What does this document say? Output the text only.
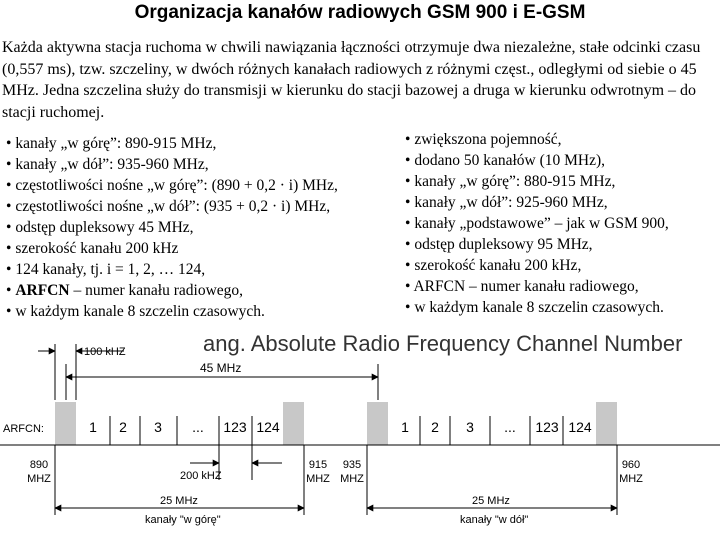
Organizacja kanałów radiowych GSM 900 i E-GSM
Każda aktywna stacja ruchoma w chwili nawiązania łączności otrzymuje dwa niezależne, stałe odcinki czasu (0,557 ms), tzw. szczeliny, w dwóch różnych kanałach radiowych z różnymi częst., odległymi od siebie o 45 MHz. Jedna szczelina służy do transmisji w kierunku do stacji bazowej a druga w kierunku odwrotnym – do stacji ruchomej.
• kanały „w górę”: 890-915 MHz,
• kanały „w dół”: 935-960 MHz,
• częstotliwości nośne „w górę”: (890 + 0,2 · i) MHz,
• częstotliwości nośne „w dół”: (935 + 0,2 · i) MHz,
• odstęp dupleksowy 45 MHz,
• szerokość kanału 200 kHz
• 124 kanały, tj. i = 1, 2, … 124,
• ARFCN – numer kanału radiowego,
• w każdym kanale 8 szczelin czasowych.
• zwiększona pojemność,
• dodano 50 kanałów (10 MHz),
• kanały „w górę”: 880-915 MHz,
• kanały „w dół”: 925-960 MHz,
• kanały „podstawowe” – jak w GSM 900,
• odstęp dupleksowy 95 MHz,
• szerokość kanału 200 kHz,
• ARFCN – numer kanału radiowego,
• w każdym kanale 8 szczelin czasowych.
ang. Absolute Radio Frequency Channel Number
100 kHZ
45 MHz
ARFCN:	1 2 3 ... 123 124	1 2 3 ... 123 124
200 kHZ
890
MHZ
915
MHZ
935
MHZ
960
MHZ
25 MHz	25 MHz
kanały "w górę"	kanały "w dół"
